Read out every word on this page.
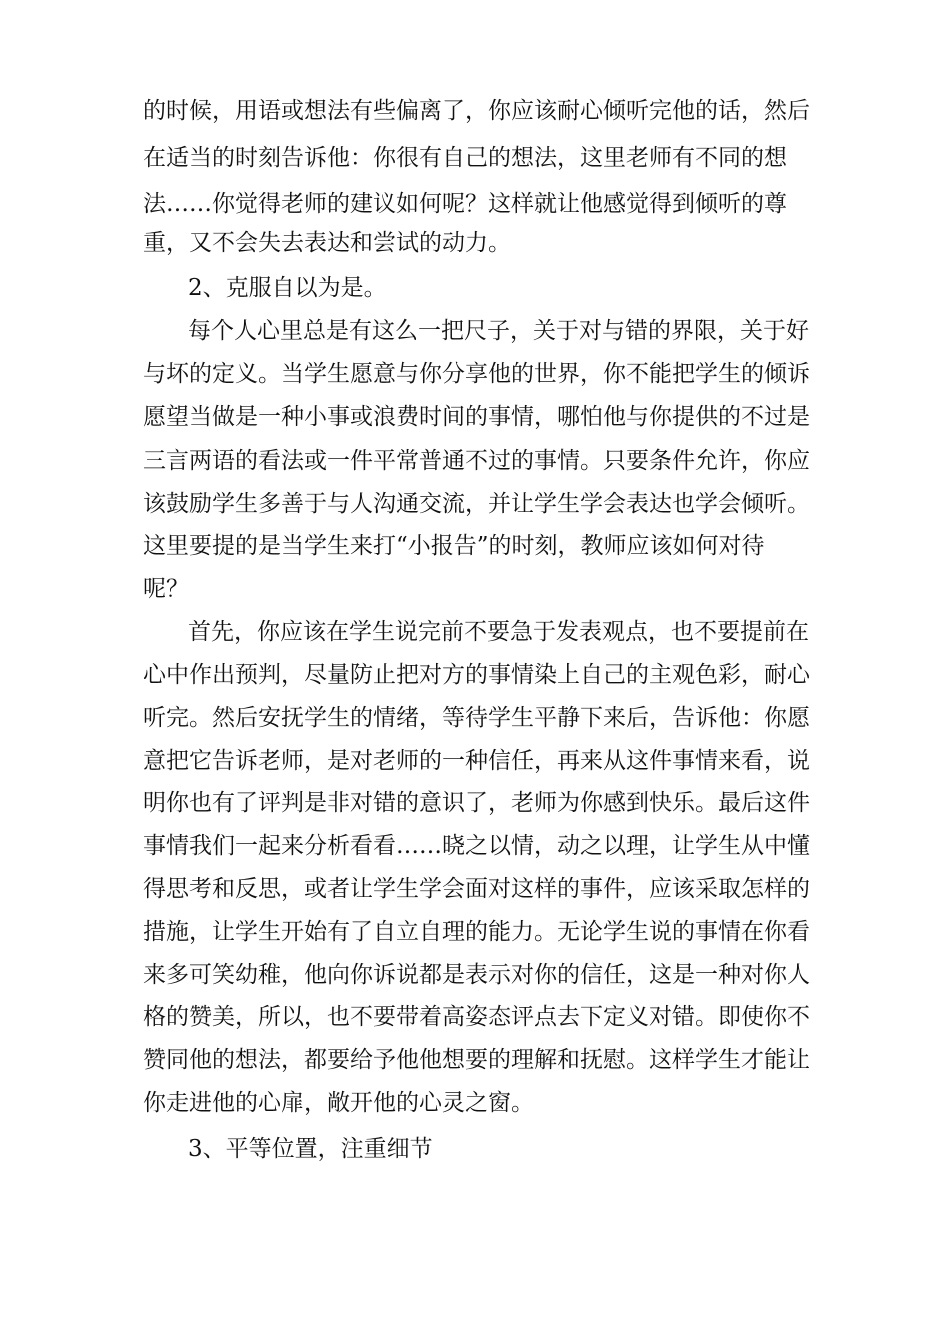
的时候，用语或想法有些偏离了，你应该耐心倾听完他的话，然后
在适当的时刻告诉他：你很有自己的想法，这里老师有不同的想
法……你觉得老师的建议如何呢？这样就让他感觉得到倾听的尊
重，又不会失去表达和尝试的动力。
2、克服自以为是。
每个人心里总是有这么一把尺子，关于对与错的界限，关于好
与坏的定义。当学生愿意与你分享他的世界，你不能把学生的倾诉
愿望当做是一种小事或浪费时间的事情，哪怕他与你提供的不过是
三言两语的看法或一件平常普通不过的事情。只要条件允许，你应
该鼓励学生多善于与人沟通交流，并让学生学会表达也学会倾听。
这里要提的是当学生来打“小报告”的时刻，教师应该如何对待
呢？
首先，你应该在学生说完前不要急于发表观点，也不要提前在
心中作出预判，尽量防止把对方的事情染上自己的主观色彩，耐心
听完。然后安抚学生的情绪，等待学生平静下来后，告诉他：你愿
意把它告诉老师，是对老师的一种信任，再来从这件事情来看，说
明你也有了评判是非对错的意识了，老师为你感到快乐。最后这件
事情我们一起来分析看看……晓之以情，动之以理，让学生从中懂
得思考和反思，或者让学生学会面对这样的事件，应该采取怎样的
措施，让学生开始有了自立自理的能力。无论学生说的事情在你看
来多可笑幼稚，他向你诉说都是表示对你的信任，这是一种对你人
格的赞美，所以，也不要带着高姿态评点去下定义对错。即使你不
赞同他的想法，都要给予他他想要的理解和抚慰。这样学生才能让
你走进他的心扉，敞开他的心灵之窗。
3、平等位置，注重细节
